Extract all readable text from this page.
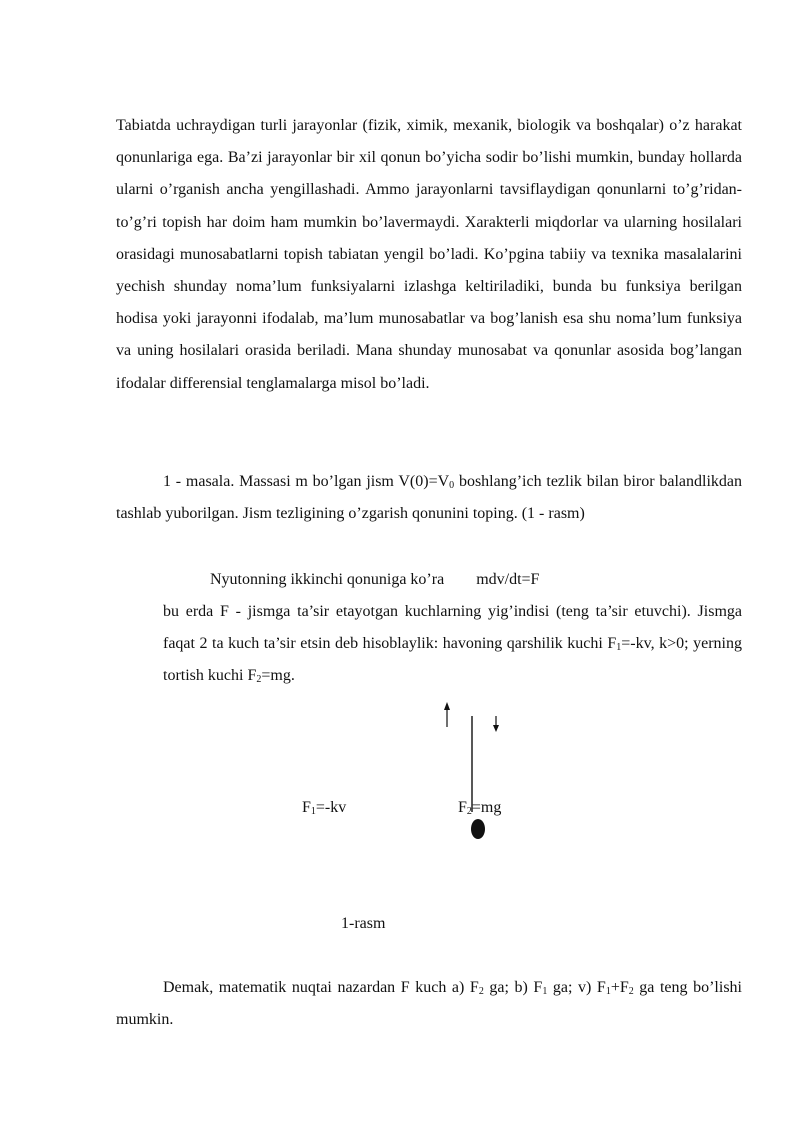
Tabiatda uchraydigan turli jarayonlar (fizik, ximik, mexanik, biologik va boshqalar) o’z harakat qonunlariga ega. Ba’zi jarayonlar bir xil qonun bo’yicha sodir bo’lishi mumkin, bunday hollarda ularni o’rganish ancha yengillashadi. Ammo jarayonlarni tavsiflaydigan qonunlarni to’g’ridan-to’g’ri topish har doim ham mumkin bo’lavermaydi. Xarakterli miqdorlar va ularning hosilalari orasidagi munosabatlarni topish tabiatan yengil bo’ladi. Ko’pgina tabiiy va texnika masalalarini yechish shunday noma’lum funksiyalarni izlashga keltiriladiki, bunda bu funksiya berilgan hodisa yoki jarayonni ifodalab, ma’lum munosabatlar va bog’lanish esa shu noma’lum funksiya va uning hosilalari orasida beriladi. Mana shunday munosabat va qonunlar asosida bog’langan ifodalar differensial tenglamalarga misol bo’ladi.

1 - masala. Massasi m bo’lgan jism $V(0)=V_0$ boshlang’ich tezlik bilan biror balandlikdan tashlab yuborilgan. Jism tezligining o’zgarish qonunini toping. (1 - rasm)

Nyutonning ikkinchi qonuniga ko’ra mdv/dt=F

bu erda F - jismga ta’sir etayotgan kuchlarning yig’indisi (teng ta’sir etuvchi). Jismga faqat 2 ta kuch ta’sir etsin deb hisoblaylik: havoning qarshilik kuchi $F_1=-kv$, k>0; yerning tortish kuchi $F_2=mg$.

$F_1=-kv$	$F_2=mg$
1-rasm

Demak, matematik nuqtai nazardan F kuch a) $F_2$ ga; b) $F_1$ ga; v) $F_1+F_2$ ga teng bo’lishi mumkin.
